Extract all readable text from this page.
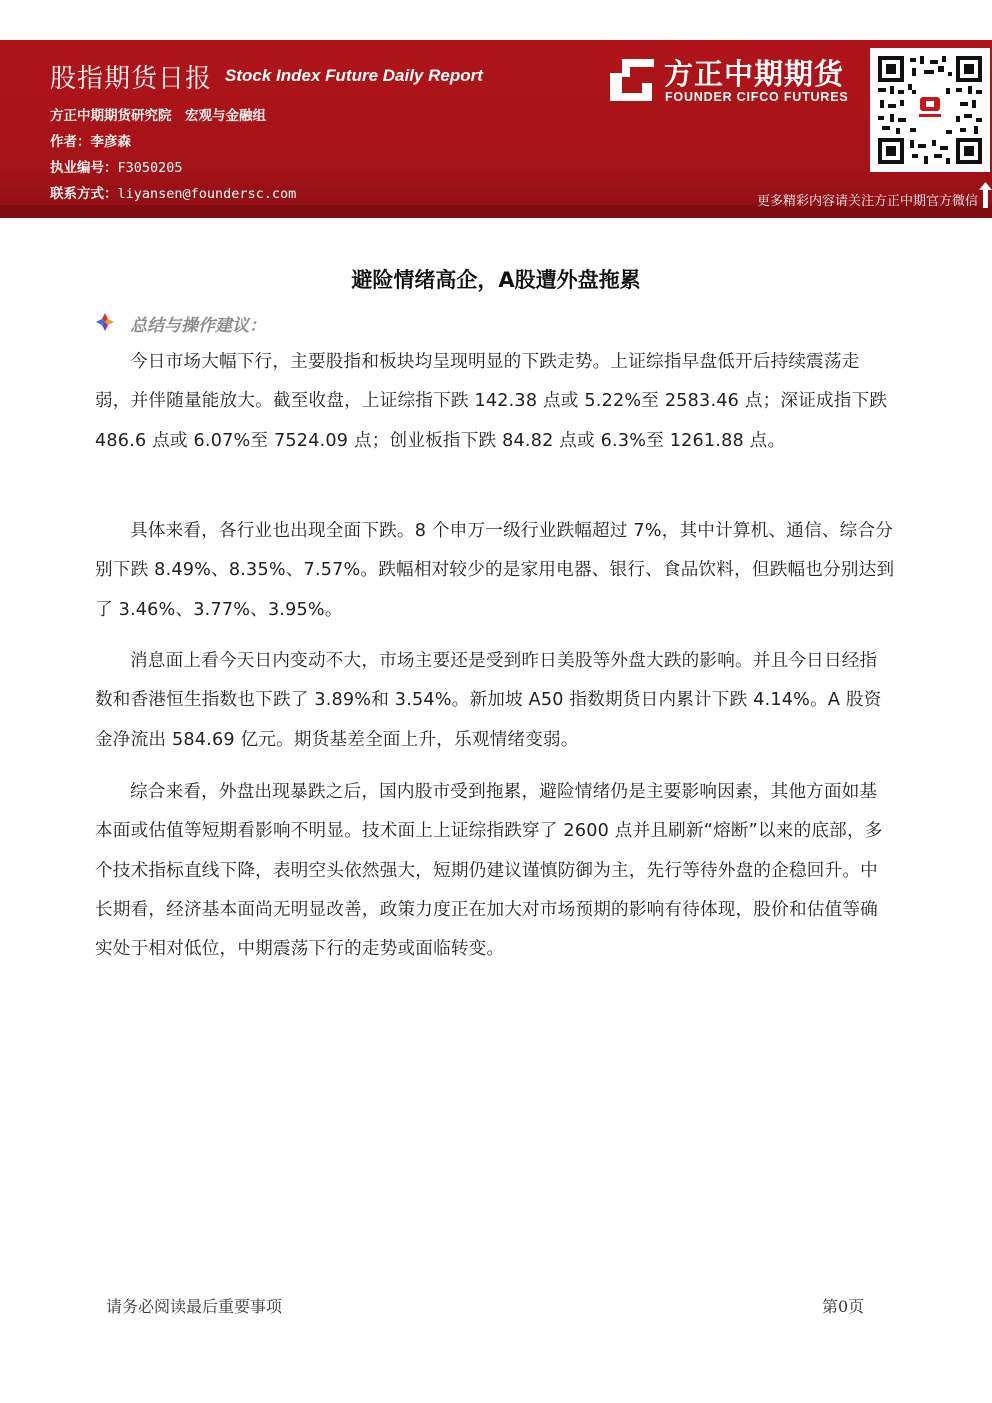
股指期货日报 Stock Index Future Daily Report
方正中期期货研究院　宏观与金融组
作者：李彦森
执业编号：F3050205
联系方式：liyansen@foundersc.com
方正中期期货
FOUNDER CIFCO FUTURES
更多精彩内容请关注方正中期官方微信
避险情绪高企，A股遭外盘拖累
总结与操作建议：

今日市场大幅下行，主要股指和板块均呈现明显的下跌走势。上证综指早盘低开后持续震荡走弱，并伴随量能放大。截至收盘，上证综指下跌 142.38 点或 5.22%至 2583.46 点；深证成指下跌 486.6 点或 6.07%至 7524.09 点；创业板指下跌 84.82 点或 6.3%至 1261.88 点。

具体来看，各行业也出现全面下跌。8 个申万一级行业跌幅超过 7%，其中计算机、通信、综合分别下跌 8.49%、8.35%、7.57%。跌幅相对较少的是家用电器、银行、食品饮料，但跌幅也分别达到了 3.46%、3.77%、3.95%。

消息面上看今天日内变动不大，市场主要还是受到昨日美股等外盘大跌的影响。并且今日日经指数和香港恒生指数也下跌了 3.89%和 3.54%。新加坡 A50 指数期货日内累计下跌 4.14%。A 股资金净流出 584.69 亿元。期货基差全面上升，乐观情绪变弱。

综合来看，外盘出现暴跌之后，国内股市受到拖累，避险情绪仍是主要影响因素，其他方面如基本面或估值等短期看影响不明显。技术面上上证综指跌穿了 2600 点并且刷新“熔断”以来的底部，多个技术指标直线下降，表明空头依然强大，短期仍建议谨慎防御为主，先行等待外盘的企稳回升。中长期看，经济基本面尚无明显改善，政策力度正在加大对市场预期的影响有待体现，股价和估值等确实处于相对低位，中期震荡下行的走势或面临转变。

请务必阅读最后重要事项	第0页
